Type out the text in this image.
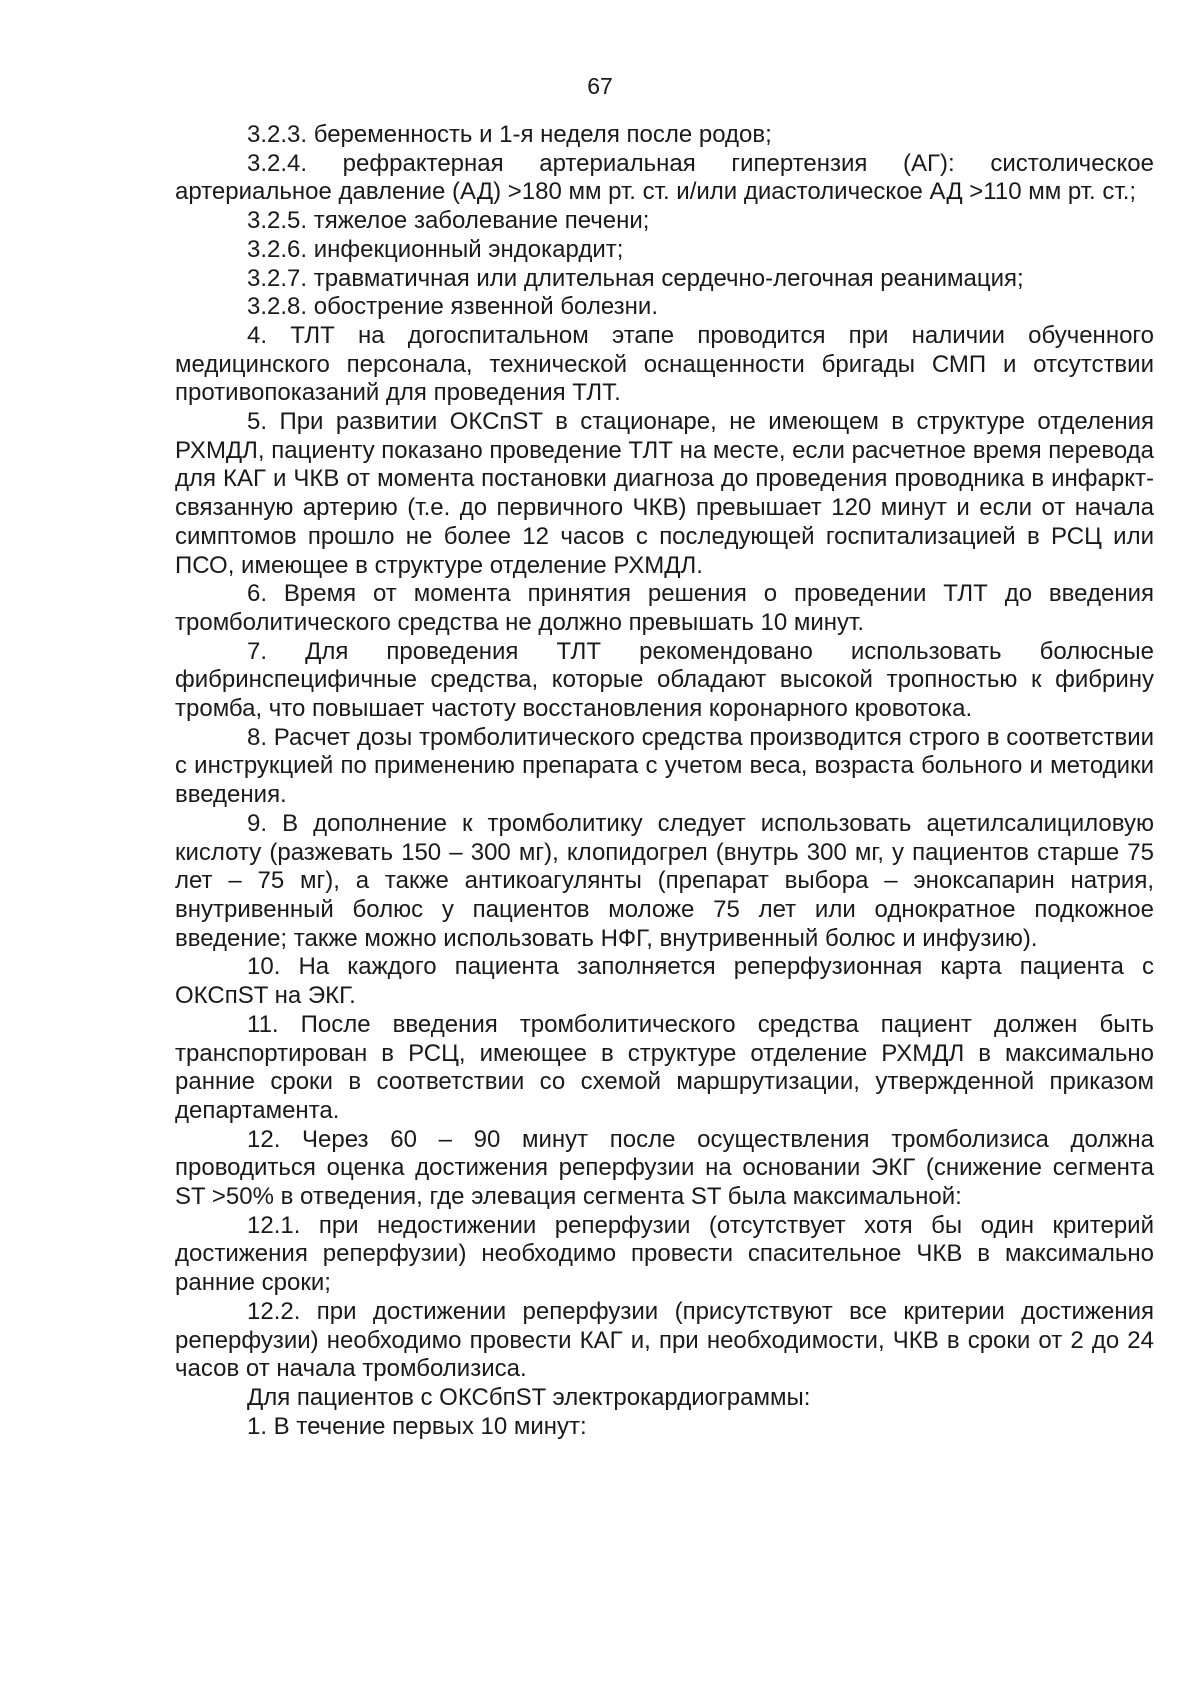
67

3.2.3. беременность и 1-я неделя после родов;

3.2.4. рефрактерная артериальная гипертензия (АГ): систолическое артериальное давление (АД) >180 мм рт. ст. и/или диастолическое АД >110 мм рт. ст.;

3.2.5. тяжелое заболевание печени;

3.2.6. инфекционный эндокардит;

3.2.7. травматичная или длительная сердечно-легочная реанимация;

3.2.8. обострение язвенной болезни.

4. ТЛТ на догоспитальном этапе проводится при наличии обученного медицинского персонала, технической оснащенности бригады СМП и отсутствии противопоказаний для проведения ТЛТ.

5. При развитии ОКСпST в стационаре, не имеющем в структуре отделения РХМДЛ, пациенту показано проведение ТЛТ на месте, если расчетное время перевода для КАГ и ЧКВ от момента постановки диагноза до проведения проводника в инфаркт-связанную артерию (т.е. до первичного ЧКВ) превышает 120 минут и если от начала симптомов прошло не более 12 часов с последующей госпитализацией в РСЦ или ПСО, имеющее в структуре отделение РХМДЛ.

6. Время от момента принятия решения о проведении ТЛТ до введения тромболитического средства не должно превышать 10 минут.

7. Для проведения ТЛТ рекомендовано использовать болюсные фибринспецифичные средства, которые обладают высокой тропностью к фибрину тромба, что повышает частоту восстановления коронарного кровотока.

8. Расчет дозы тромболитического средства производится строго в соответствии с инструкцией по применению препарата с учетом веса, возраста больного и методики введения.

9. В дополнение к тромболитику следует использовать ацетилсалициловую кислоту (разжевать 150 – 300 мг), клопидогрел (внутрь 300 мг, у пациентов старше 75 лет – 75 мг), а также антикоагулянты (препарат выбора – эноксапарин натрия, внутривенный болюс у пациентов моложе 75 лет или однократное подкожное введение; также можно использовать НФГ, внутривенный болюс и инфузию).

10. На каждого пациента заполняется реперфузионная карта пациента с ОКСпST на ЭКГ.

11. После введения тромболитического средства пациент должен быть транспортирован в РСЦ, имеющее в структуре отделение РХМДЛ в максимально ранние сроки в соответствии со схемой маршрутизации, утвержденной приказом департамента.

12. Через 60 – 90 минут после осуществления тромболизиса должна проводиться оценка достижения реперфузии на основании ЭКГ (снижение сегмента ST >50% в отведения, где элевация сегмента ST была максимальной:

12.1. при недостижении реперфузии (отсутствует хотя бы один критерий достижения реперфузии) необходимо провести спасительное ЧКВ в максимально ранние сроки;

12.2. при достижении реперфузии (присутствуют все критерии достижения реперфузии) необходимо провести КАГ и, при необходимости, ЧКВ в сроки от 2 до 24 часов от начала тромболизиса.

Для пациентов с ОКСбпST электрокардиограммы:

1. В течение первых 10 минут:
